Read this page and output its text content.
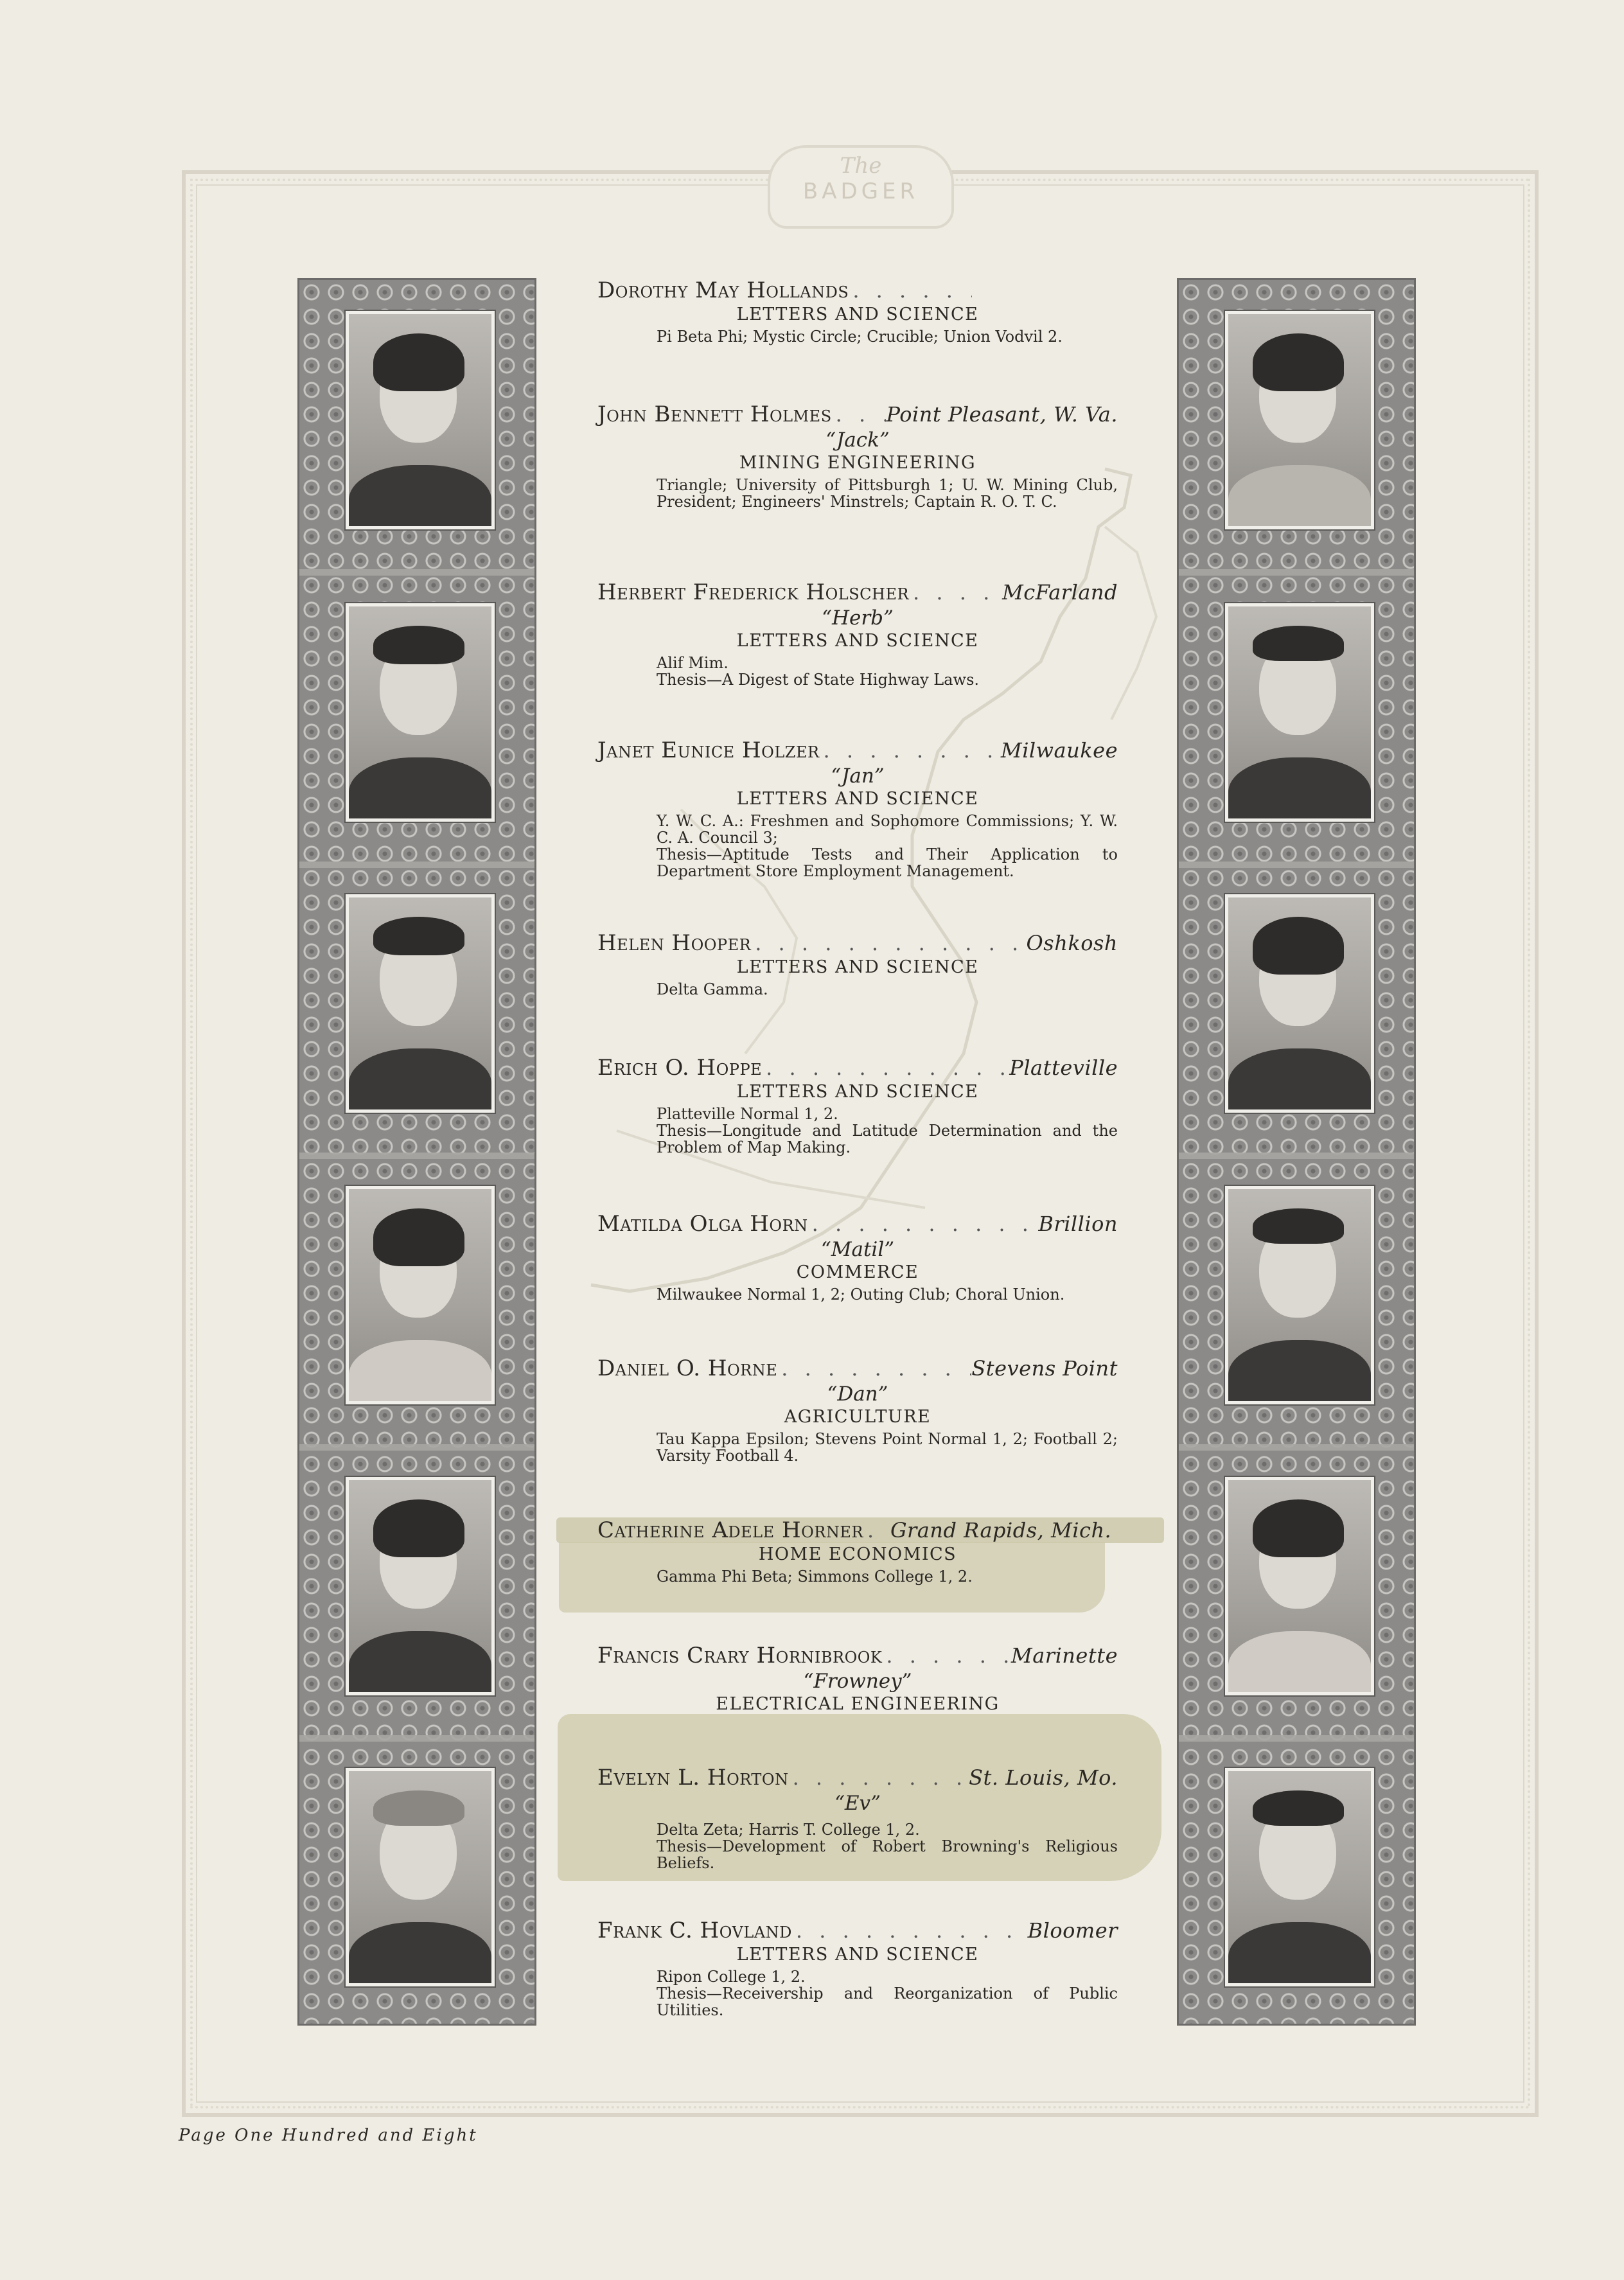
The
BADGER
Dorothy May Hollands
. . .
LETTERS AND SCIENCE
Pi Beta Phi; Mystic Circle; Crucible; Union Vodvil 2.
John Bennett Holmes . . .	Point Pleasant, W. Va.
“Jack”
MINING ENGINEERING
Triangle; University of Pittsburgh 1; U. W. Mining Club, President; Engineers' Minstrels; Captain R. O. T. C.
Herbert Frederick Holscher . . .	McFarland
“Herb”
LETTERS AND SCIENCE
Alif Mim.
Thesis—A Digest of State Highway Laws.
Janet Eunice Holzer . . .	Milwaukee
“Jan”
LETTERS AND SCIENCE
Y. W. C. A.: Freshmen and Sophomore Commissions; Y. W. C. A. Council 3;
Thesis—Aptitude Tests and Their Application to Department Store Employment Management.
Helen Hooper . . .	Oshkosh
LETTERS AND SCIENCE
Delta Gamma.
Erich O. Hoppe . . .	Platteville
LETTERS AND SCIENCE
Platteville Normal 1, 2.
Thesis—Longitude and Latitude Determination and the Problem of Map Making.
Matilda Olga Horn . . .	Brillion
“Matil”
COMMERCE
Milwaukee Normal 1, 2; Outing Club; Choral Union.
Daniel O. Horne . . .	Stevens Point
“Dan”
AGRICULTURE
Tau Kappa Epsilon; Stevens Point Normal 1, 2; Football 2; Varsity Football 4.
Catherine Adele Horner . . . Grand Rapids, Mich.
HOME ECONOMICS
Gamma Phi Beta; Simmons College 1, 2.
Francis Crary Hornibrook . . .	Marinette
“Frowney”
ELECTRICAL ENGINEERING
Evelyn L. Horton . . .	St. Louis, Mo.
“Ev”
Delta Zeta; Harris T. College 1, 2.
Thesis—Development of Robert Browning's Religious Beliefs.
Frank C. Hovland . . .	Bloomer
LETTERS AND SCIENCE
Ripon College 1, 2.
Thesis—Receivership and Reorganization of Public Utilities.
Page One Hundred and Eight
